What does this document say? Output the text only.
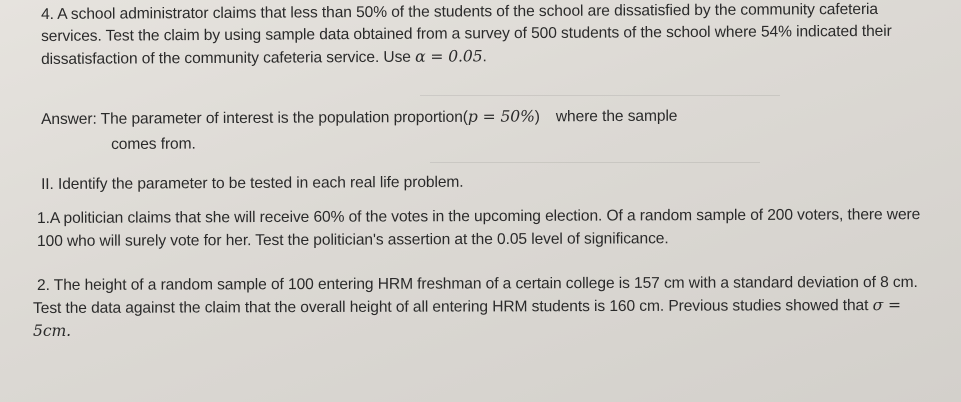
4. A school administrator claims that less than 50% of the students of the school are dissatisfied by the community cafeteria
services. Test the claim by using sample data obtained from a survey of 500 students of the school where 54% indicated their
dissatisfaction of the community cafeteria service. Use α = 0.05.
Answer: The parameter of interest is the population proportion(p = 50%) where the sample
comes from.
II. Identify the parameter to be tested in each real life problem.
1.A politician claims that she will receive 60% of the votes in the upcoming election. Of a random sample of 200 voters, there were
100 who will surely vote for her. Test the politician's assertion at the 0.05 level of significance.
2. The height of a random sample of 100 entering HRM freshman of a certain college is 157 cm with a standard deviation of 8 cm.
Test the data against the claim that the overall height of all entering HRM students is 160 cm. Previous studies showed that σ =
5cm.
